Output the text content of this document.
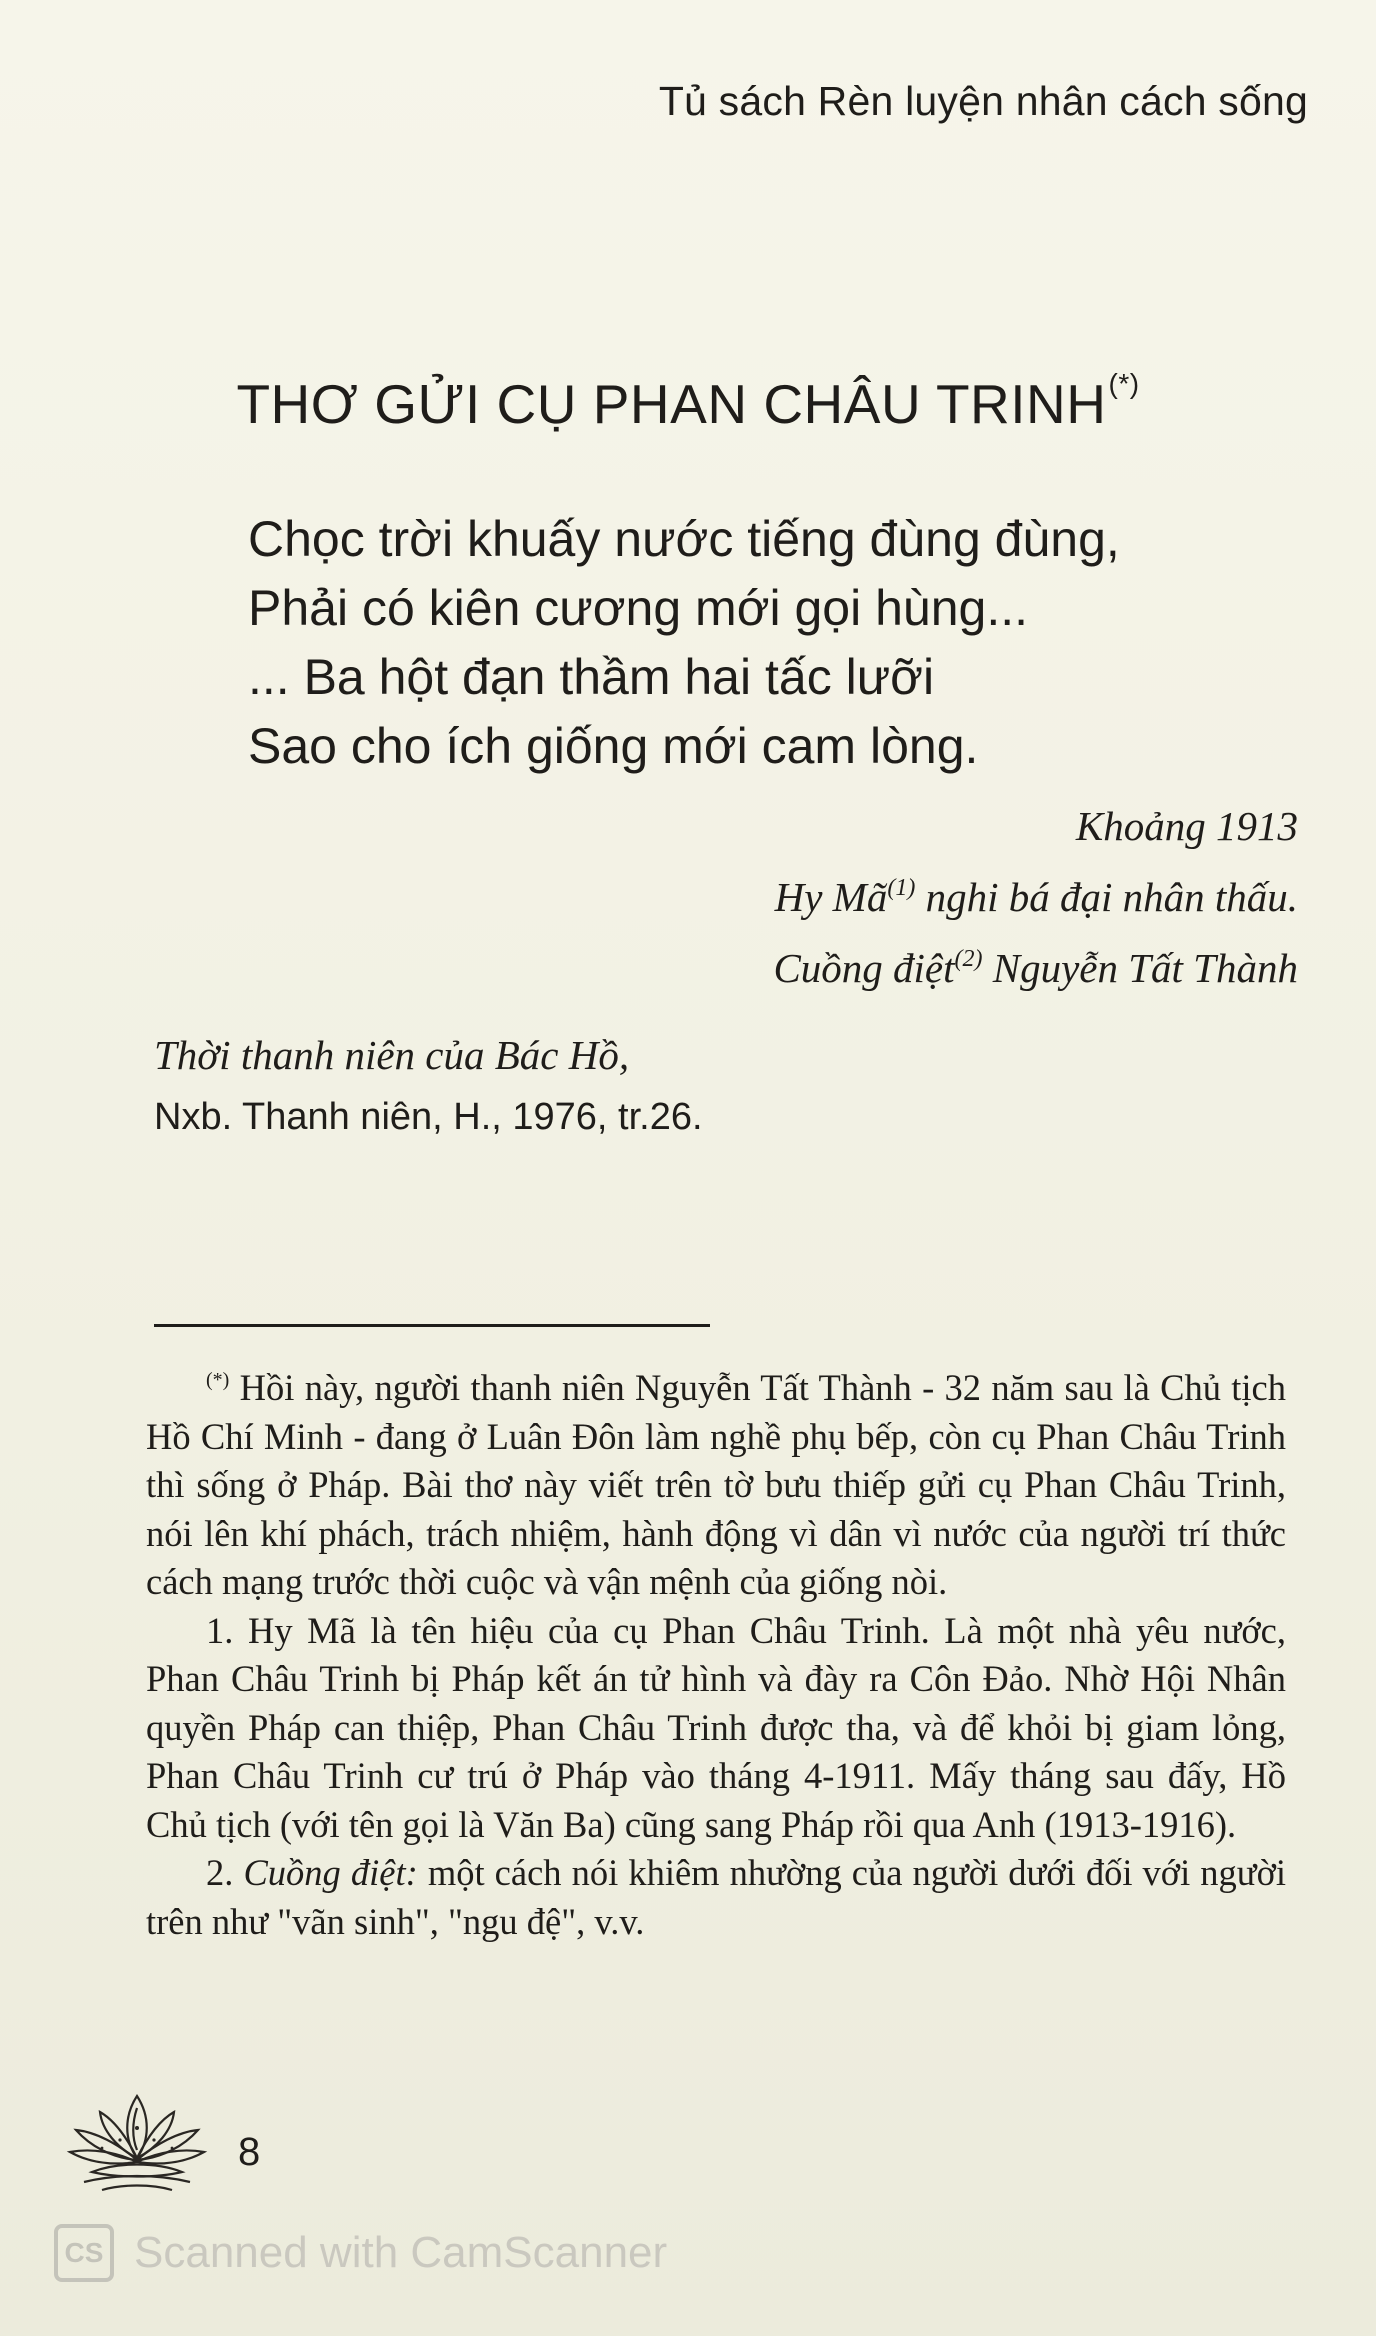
Tủ sách Rèn luyện nhân cách sống
THƠ GỬI CỤ PHAN CHÂU TRINH(*)
Chọc trời khuấy nước tiếng đùng đùng,
Phải có kiên cương mới gọi hùng...
... Ba hột đạn thầm hai tấc lưỡi
Sao cho ích giống mới cam lòng.
Khoảng 1913
Hy $Mã^{(1)}$ nghi bá đại nhân thấu.
Cuồng điệt$^{(2)}$ Nguyễn Tất Thành
Thời thanh niên của Bác Hồ,
Nxb. Thanh niên, H., 1976, tr.26.

(*) Hồi này, người thanh niên Nguyễn Tất Thành - 32 năm sau là Chủ tịch Hồ Chí Minh - đang ở Luân Đôn làm nghề phụ bếp, còn cụ Phan Châu Trinh thì sống ở Pháp. Bài thơ này viết trên tờ bưu thiếp gửi cụ Phan Châu Trinh, nói lên khí phách, trách nhiệm, hành động vì dân vì nước của người trí thức cách mạng trước thời cuộc và vận mệnh của giống nòi.

1. Hy Mã là tên hiệu của cụ Phan Châu Trinh. Là một nhà yêu nước, Phan Châu Trinh bị Pháp kết án tử hình và đày ra Côn Đảo. Nhờ Hội Nhân quyền Pháp can thiệp, Phan Châu Trinh được tha, và để khỏi bị giam lỏng, Phan Châu Trinh cư trú ở Pháp vào tháng 4-1911. Mấy tháng sau đấy, Hồ Chủ tịch (với tên gọi là Văn Ba) cũng sang Pháp rồi qua Anh (1913-1916).

2. Cuồng điệt: một cách nói khiêm nhường của người dưới đối với người trên như "vãn sinh", "ngu đệ", v.v.

8
CS Scanned with CamScanner
